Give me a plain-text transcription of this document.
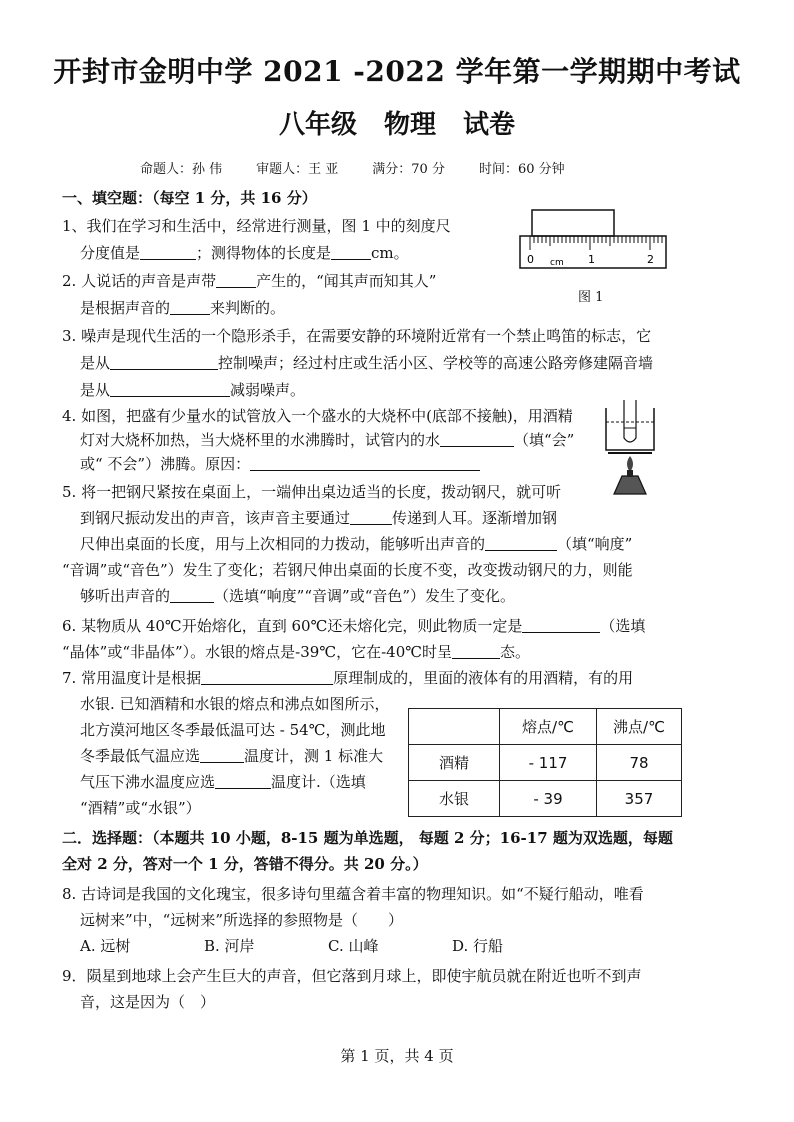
开封市金明中学 2021 -2022 学年第一学期期中考试
八年级 物理 试卷
命题人：孙 伟	审题人：王 亚	满分：70 分	时间：60 分钟
一、填空题：（每空 1 分，共 16 分）
1、我们在学习和生活中，经常进行测量，图 1 中的刻度尺
分度值是	；测得物体的长度是	cm。	0 cm 1	2
图 1
2. 人说话的声音是声带	产生的，“闻其声而知其人”
是根据声音的	来判断的。
3. 噪声是现代生活的一个隐形杀手，在需要安静的环境附近常有一个禁止鸣笛的标志，它
是从	控制噪声；经过村庄或生活小区、学校等的高速公路旁修建隔音墙
是从	减弱噪声。
4. 如图，把盛有少量水的试管放入一个盛水的大烧杯中(底部不接触)，用酒精
灯对大烧杯加热，当大烧杯里的水沸腾时，试管内的水	（填“会”
或“ 不会”）沸腾。原因：
5. 将一把钢尺紧按在桌面上，一端伸出桌边适当的长度，拨动钢尺，就可听
到钢尺振动发出的声音，该声音主要通过	传递到人耳。逐渐增加钢
尺伸出桌面的长度，用与上次相同的力拨动，能够听出声音的	（填“响度”
“音调”或“音色”）发生了变化；若钢尺伸出桌面的长度不变，改变拨动钢尺的力，则能
够听出声音的	（选填“响度”“音调”或“音色”）发生了变化。
6. 某物质从 40℃开始熔化，直到 60℃还未熔化完，则此物质一定是	（选填
“晶体”或“非晶体”）。水银的熔点是-39℃，它在-40℃时呈	态。
7. 常用温度计是根据	原理制成的，里面的液体有的用酒精，有的用
水银. 已知酒精和水银的熔点和沸点如图所示，
北方漠河地区冬季最低温可达 - 54℃，测此地
冬季最低气温应选	温度计，测 1 标准大
气压下沸水温度应选	温度计.（选填
“酒精”或“水银”）
	熔点/℃	沸点/℃
酒精	- 117	78
水银	- 39	357
二．选择题：（本题共 10 小题，8-15 题为单选题， 每题 2 分；16-17 题为双选题，每题
全对 2 分，答对一个 1 分，答错不得分。共 20 分。）
8. 古诗词是我国的文化瑰宝，很多诗句里蕴含着丰富的物理知识。如“不疑行船动，唯看
远树来”中，“远树来”所选择的参照物是（　　）
A. 远树	B. 河岸	C. 山峰	D. 行船
9．陨星到地球上会产生巨大的声音，但它落到月球上，即使宇航员就在附近也听不到声
音，这是因为（　）
第 1 页，共 4 页
